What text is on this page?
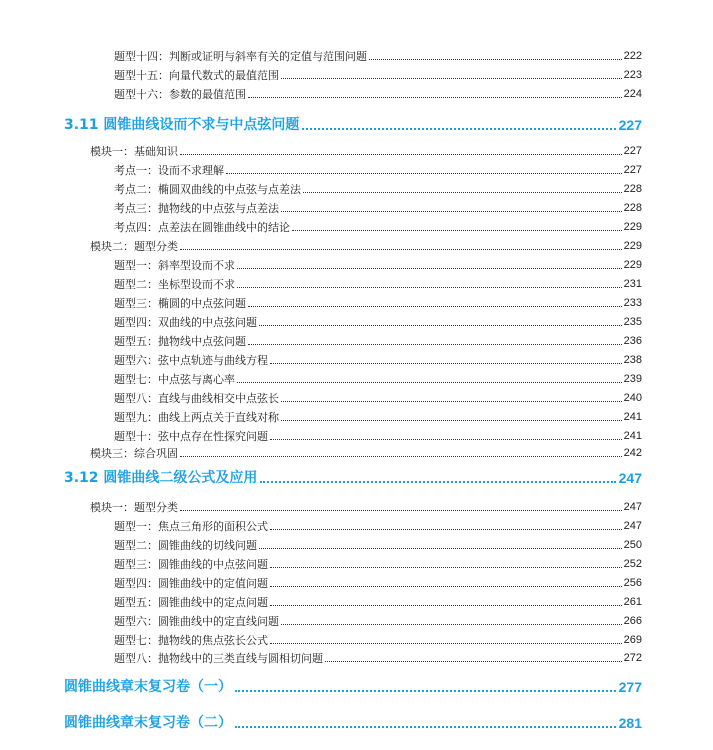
题型十四：判断或证明与斜率有关的定值与范围问题	222
题型十五：向量代数式的最值范围	223
题型十六：参数的最值范围	224
3.11 圆锥曲线设而不求与中点弦问题	227
模块一：基础知识	227
考点一：设而不求理解	227
考点二：椭圆双曲线的中点弦与点差法	228
考点三：抛物线的中点弦与点差法	228
考点四：点差法在圆锥曲线中的结论	229
模块二：题型分类	229
题型一：斜率型设而不求	229
题型二：坐标型设而不求	231
题型三：椭圆的中点弦问题	233
题型四：双曲线的中点弦问题	235
题型五：抛物线中点弦问题	236
题型六：弦中点轨迹与曲线方程	238
题型七：中点弦与离心率	239
题型八：直线与曲线相交中点弦长	240
题型九：曲线上两点关于直线对称	241
题型十：弦中点存在性探究问题	241
模块三：综合巩固	242
3.12 圆锥曲线二级公式及应用	247
模块一：题型分类	247
题型一：焦点三角形的面积公式	247
题型二：圆锥曲线的切线问题	250
题型三：圆锥曲线的中点弦问题	252
题型四：圆锥曲线中的定值问题	256
题型五：圆锥曲线中的定点问题	261
题型六：圆锥曲线中的定直线问题	266
题型七：抛物线的焦点弦长公式	269
题型八：抛物线中的三类直线与圆相切问题	272
圆锥曲线章末复习卷（一）	277
圆锥曲线章末复习卷（二）	281
